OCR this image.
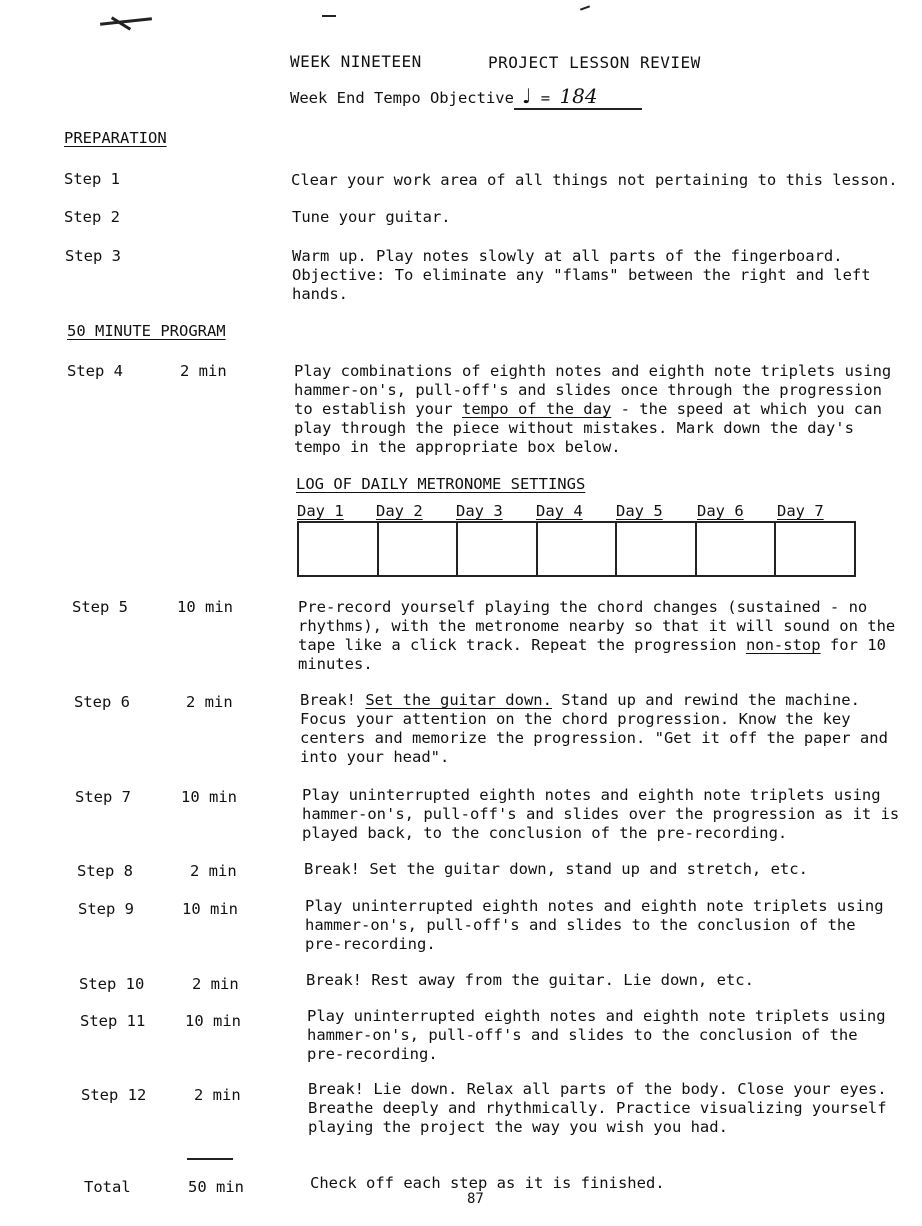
WEEK NINETEEN	PROJECT LESSON REVIEW
Week End Tempo Objective ♩ = 184
PREPARATION
Step 1	Clear your work area of all things not pertaining to this lesson.
Step 2	Tune your guitar.
Step 3	Warm up. Play notes slowly at all parts of the fingerboard.
Objective: To eliminate any "flams" between the right and left
hands.
50 MINUTE PROGRAM
Step 4	2 min	Play combinations of eighth notes and eighth note triplets using
hammer-on's, pull-off's and slides once through the progression
to establish your tempo of the day - the speed at which you can
play through the piece without mistakes. Mark down the day's
tempo in the appropriate box below.
LOG OF DAILY METRONOME SETTINGS
Day 1 Day 2 Day 3 Day 4 Day 5 Day 6 Day 7
Step 5	10 min	Pre-record yourself playing the chord changes (sustained - no
rhythms), with the metronome nearby so that it will sound on the
tape like a click track. Repeat the progression non-stop for 10
minutes.
Step 6	2 min	Break! Set the guitar down. Stand up and rewind the machine.
Focus your attention on the chord progression. Know the key
centers and memorize the progression. "Get it off the paper and
into your head".
Step 7	10 min	Play uninterrupted eighth notes and eighth note triplets using
hammer-on's, pull-off's and slides over the progression as it is
played back, to the conclusion of the pre-recording.
Step 8	2 min	Break! Set the guitar down, stand up and stretch, etc.
Step 9	10 min	Play uninterrupted eighth notes and eighth note triplets using
hammer-on's, pull-off's and slides to the conclusion of the
pre-recording.
Step 10	2 min	Break! Rest away from the guitar. Lie down, etc.
Step 11	10 min	Play uninterrupted eighth notes and eighth note triplets using
hammer-on's, pull-off's and slides to the conclusion of the
pre-recording.
Step 12	2 min	Break! Lie down. Relax all parts of the body. Close your eyes.
Breathe deeply and rhythmically. Practice visualizing yourself
playing the project the way you wish you had.
Total	50 min	Check off each step as it is finished.
87
